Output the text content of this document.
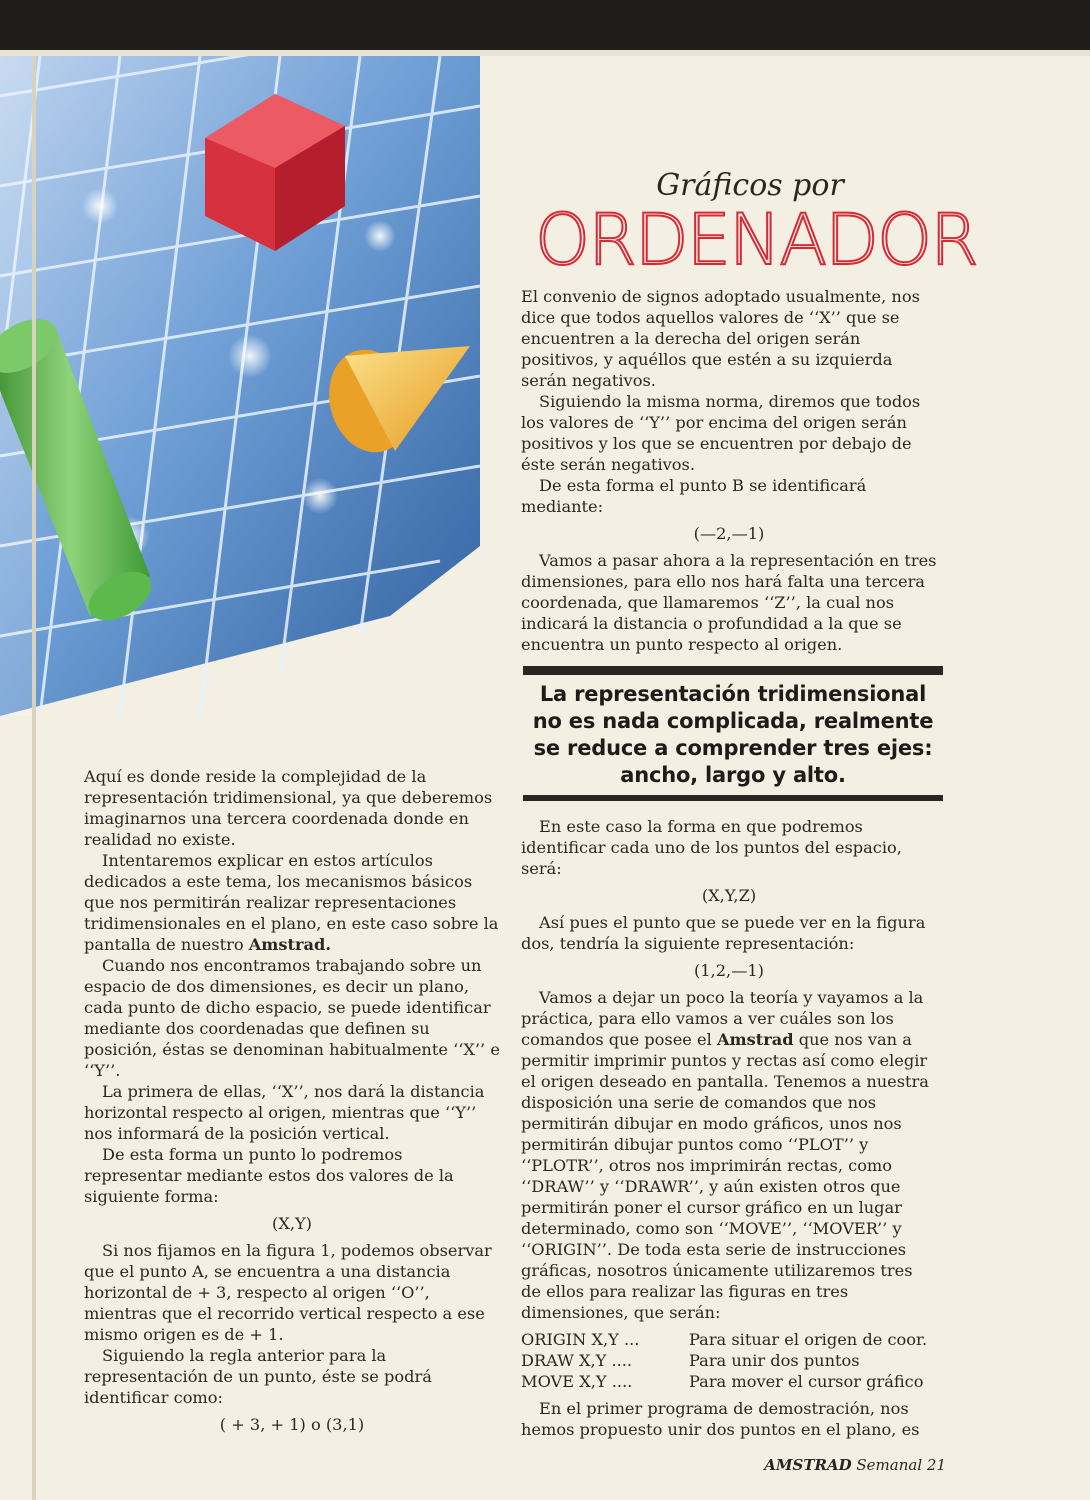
Gráficos por
ORDENADOR

El convenio de signos adoptado usualmente, nos dice que todos aquellos valores de ‘‘X’’ que se encuentren a la derecha del origen serán positivos, y aquéllos que estén a su izquierda serán negativos.

Siguiendo la misma norma, diremos que todos los valores de ‘‘Y’’ por encima del origen serán positivos y los que se encuentren por debajo de éste serán negativos.

De esta forma el punto B se identificará mediante:

(—2,—1)

Vamos a pasar ahora a la representación en tres dimensiones, para ello nos hará falta una tercera coordenada, que llamaremos ‘‘Z’’, la cual nos indicará la distancia o profundidad a la que se encuentra un punto respecto al origen.

La representación tridimensional no es nada complicada, realmente se reduce a comprender tres ejes: ancho, largo y alto.

En este caso la forma en que podremos identificar cada uno de los puntos del espacio, será:

(X,Y,Z)

Así pues el punto que se puede ver en la figura dos, tendría la siguiente representación:

(1,2,—1)

Vamos a dejar un poco la teoría y vayamos a la práctica, para ello vamos a ver cuáles son los comandos que posee el Amstrad que nos van a permitir imprimir puntos y rectas así como elegir el origen deseado en pantalla. Tenemos a nuestra disposición una serie de comandos que nos permitirán dibujar en modo gráficos, unos nos permitirán dibujar puntos como ‘‘PLOT’’ y ‘‘PLOTR’’, otros nos imprimirán rectas, como ‘‘DRAW’’ y ‘‘DRAWR’’, y aún existen otros que permitirán poner el cursor gráfico en un lugar determinado, como son ‘‘MOVE’’, ‘‘MOVER’’ y ‘‘ORIGIN’’. De toda esta serie de instrucciones gráficas, nosotros únicamente utilizaremos tres de ellos para realizar las figuras en tres dimensiones, que serán:

ORIGIN X,Y ...	Para situar el origen de coor.
DRAW X,Y ....	Para unir dos puntos
MOVE X,Y ....	Para mover el cursor gráfico

En el primer programa de demostración, nos hemos propuesto unir dos puntos en el plano, es

Aquí es donde reside la complejidad de la representación tridimensional, ya que deberemos imaginarnos una tercera coordenada donde en realidad no existe.

Intentaremos explicar en estos artículos dedicados a este tema, los mecanismos básicos que nos permitirán realizar representaciones tridimensionales en el plano, en este caso sobre la pantalla de nuestro Amstrad.

Cuando nos encontramos trabajando sobre un espacio de dos dimensiones, es decir un plano, cada punto de dicho espacio, se puede identificar mediante dos coordenadas que definen su posición, éstas se denominan habitualmente ‘‘X’’ e ‘‘Y’’.

La primera de ellas, ‘‘X’’, nos dará la distancia horizontal respecto al origen, mientras que ‘‘Y’’ nos informará de la posición vertical.

De esta forma un punto lo podremos representar mediante estos dos valores de la siguiente forma:

(X,Y)

Si nos fijamos en la figura 1, podemos observar que el punto A, se encuentra a una distancia horizontal de + 3, respecto al origen ‘‘O’’, mientras que el recorrido vertical respecto a ese mismo origen es de + 1.

Siguiendo la regla anterior para la representación de un punto, éste se podrá identificar como:

( + 3, + 1) o (3,1)

AMSTRAD Semanal 21
